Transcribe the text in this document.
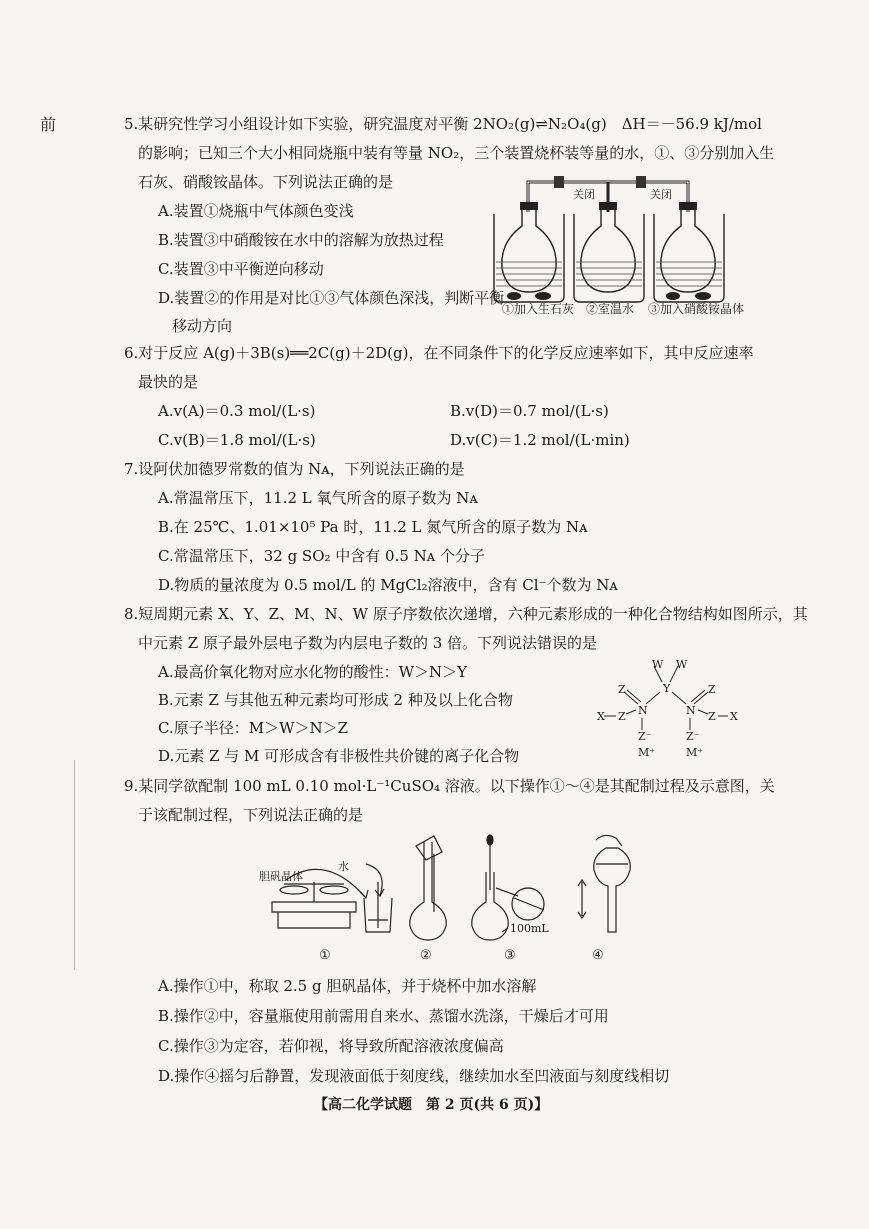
前	5.某研究性学习小组设计如下实验，研究温度对平衡 2NO₂(g)⇌N₂O₄(g)　ΔH＝－56.9 kJ/mol
的影响；已知三个大小相同烧瓶中装有等量 NO₂，三个装置烧杯装等量的水，①、③分别加入生
石灰、硝酸铵晶体。下列说法正确的是
A.装置①烧瓶中气体颜色变浅
B.装置③中硝酸铵在水中的溶解为放热过程
C.装置③中平衡逆向移动
D.装置②的作用是对比①③气体颜色深浅，判断平衡
移动方向
关闭	关闭
①加入生石灰 ②室温水 ③加入硝酸铵晶体
6.对于反应 A(g)＋3B(s)══2C(g)＋2D(g)，在不同条件下的化学反应速率如下，其中反应速率
最快的是
A.v(A)＝0.3 mol/(L·s)	B.v(D)＝0.7 mol/(L·s)
C.v(B)＝1.8 mol/(L·s)	D.v(C)＝1.2 mol/(L·min)
7.设阿伏加德罗常数的值为 Nᴀ，下列说法正确的是
A.常温常压下，11.2 L 氧气所含的原子数为 Nᴀ
B.在 25℃、1.01×10⁵ Pa 时，11.2 L 氮气所含的原子数为 Nᴀ
C.常温常压下，32 g SO₂ 中含有 0.5 Nᴀ 个分子
D.物质的量浓度为 0.5 mol/L 的 MgCl₂溶液中，含有 Cl⁻个数为 Nᴀ
8.短周期元素 X、Y、Z、M、N、W 原子序数依次递增，六种元素形成的一种化合物结构如图所示，其
中元素 Z 原子最外层电子数为内层电子数的 3 倍。下列说法错误的是
A.最高价氧化物对应水化物的酸性：W＞N＞Y
B.元素 Z 与其他五种元素均可形成 2 种及以上化合物
C.原子半径：M＞W＞N＞Z
D.元素 Z 与 M 可形成含有非极性共价键的离子化合物
W W
Y
Z	Z
X Z N	N Z X
Z⁻	Z⁻
M⁺	M⁺
9.某同学欲配制 100 mL 0.10 mol·L⁻¹CuSO₄ 溶液。以下操作①～④是其配制过程及示意图，关
于该配制过程，下列说法正确的是
胆矾晶体
水
100mL
①	②	③	④
A.操作①中，称取 2.5 g 胆矾晶体，并于烧杯中加水溶解
B.操作②中，容量瓶使用前需用自来水、蒸馏水洗涤，干燥后才可用
C.操作③为定容，若仰视，将导致所配溶液浓度偏高
D.操作④摇匀后静置，发现液面低于刻度线，继续加水至凹液面与刻度线相切
【高二化学试题　第 2 页(共 6 页)】
